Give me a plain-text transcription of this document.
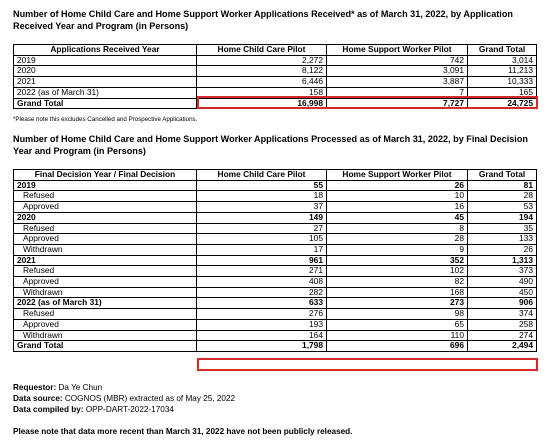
Number of Home Child Care and Home Support Worker Applications Received* as of March 31, 2022, by Application Received Year and Program (in Persons)
Applications Received Year	Home Child Care Pilot	Home Support Worker Pilot	Grand Total
2019	2,272	742	3,014
2020	8,122	3,091	11,213
2021	6,446	3,887	10,333
2022 (as of March 31)	158	7	165
Grand Total	16,998	7,727	24,725
*Please note this excludes Cancelled and Prospective Applications.
Number of Home Child Care and Home Support Worker Applications Processed as of March 31, 2022, by Final Decision Year and Program (in Persons)
Final Decision Year / Final Decision	Home Child Care Pilot	Home Support Worker Pilot	Grand Total
2019	55	26	81
Refused	18	10	28
Approved	37	16	53
2020	149	45	194
Refused	27	8	35
Approved	105	28	133
Withdrawn	17	9	26
2021	961	352	1,313
Refused	271	102	373
Approved	408	82	490
Withdrawn	282	168	450
2022 (as of March 31)	633	273	906
Refused	276	98	374
Approved	193	65	258
Withdrawn	164	110	274
Grand Total	1,798	696	2,494
Requestor: Da Ye Chun
Data source: COGNOS (MBR) extracted as of May 25, 2022
Data compiled by: OPP-DART-2022-17034
Please note that data more recent than March 31, 2022 have not been publicly released.
